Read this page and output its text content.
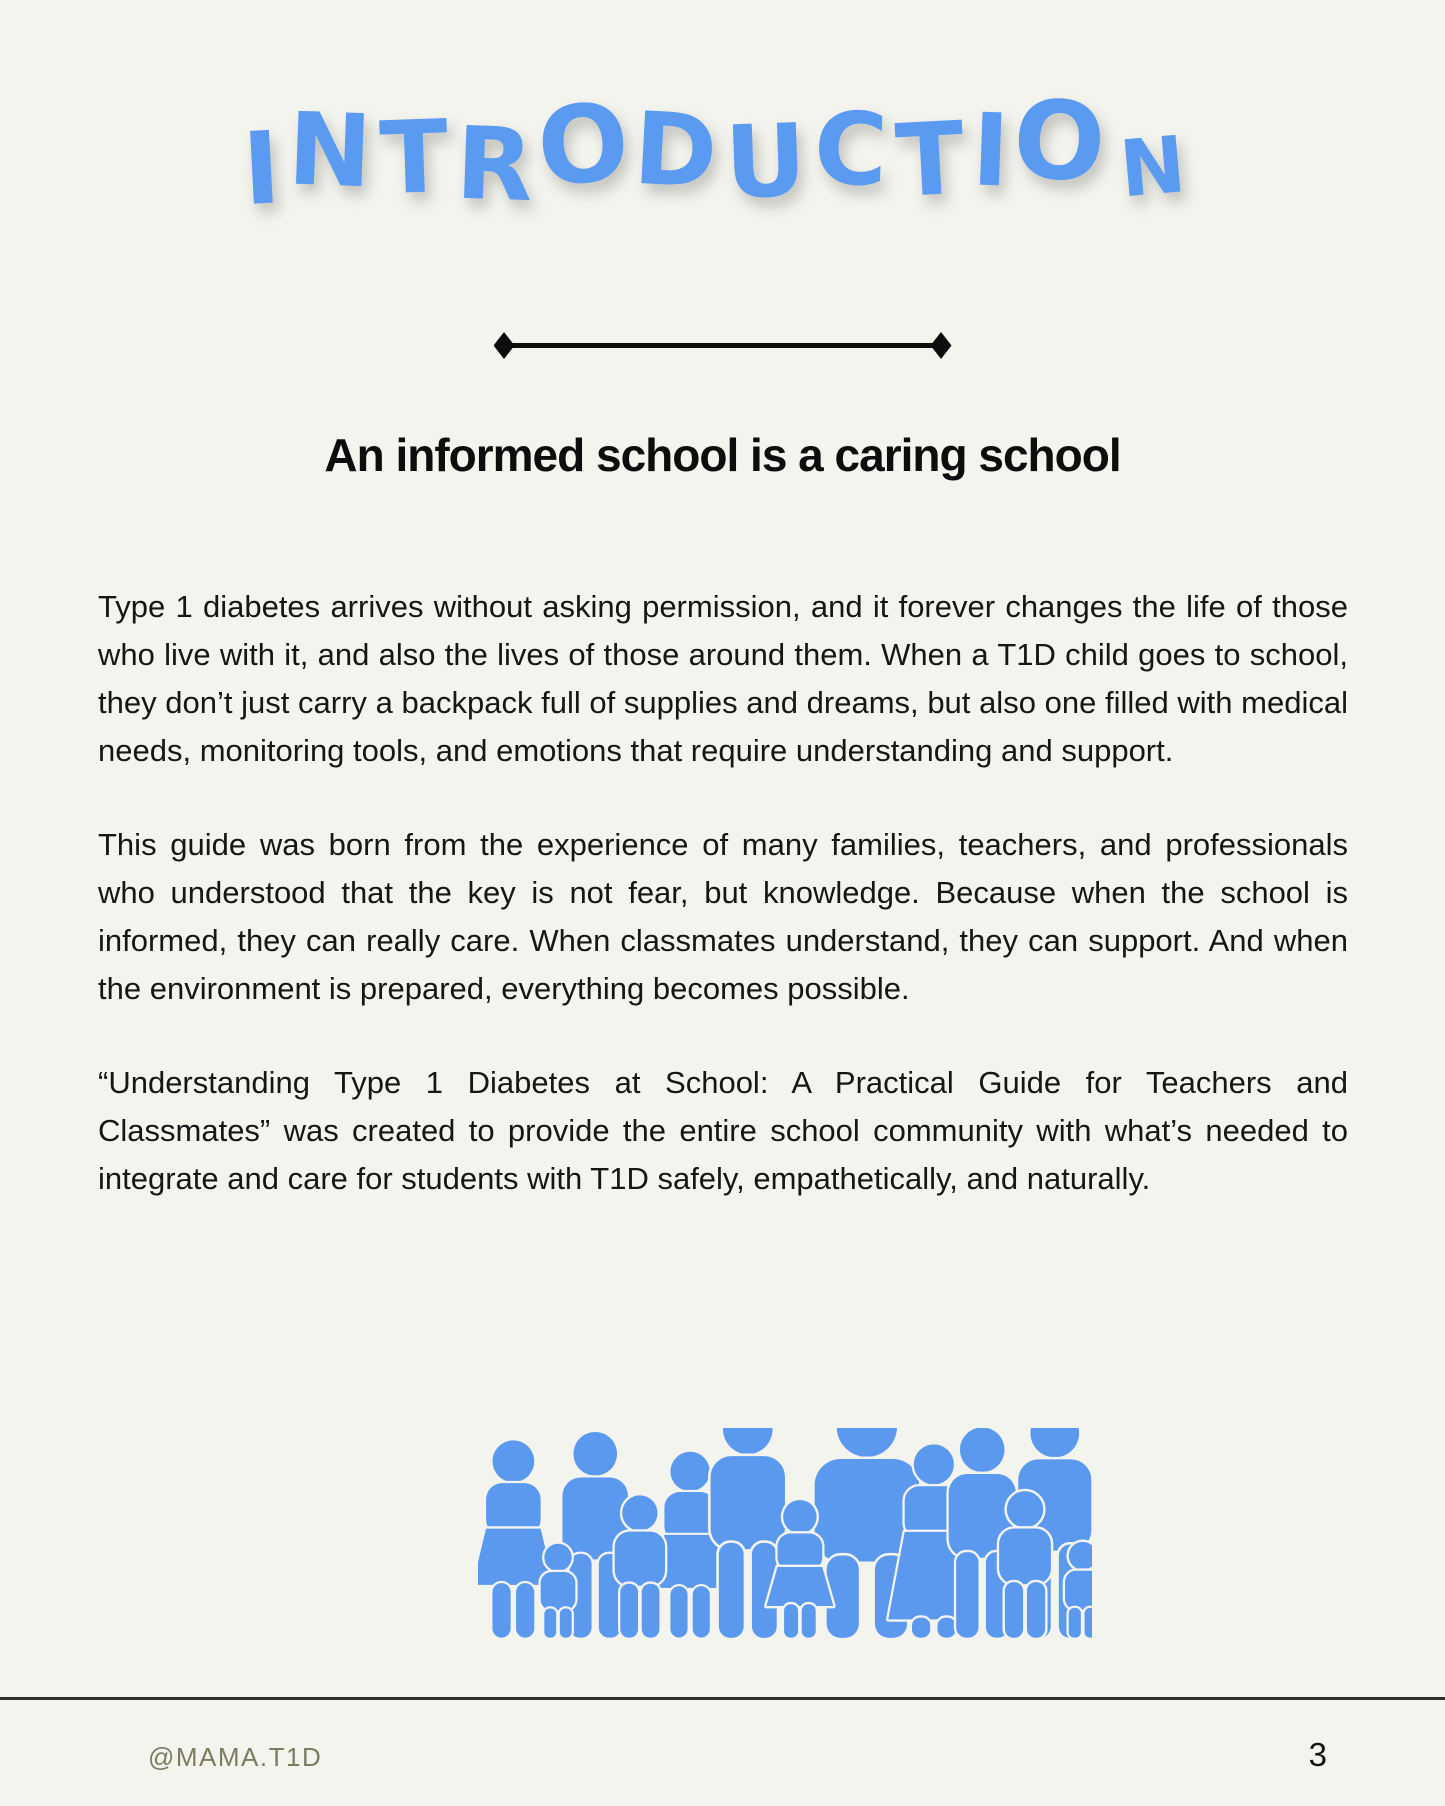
INTRODUCTION
An informed school is a caring school

Type 1 diabetes arrives without asking permission, and it forever changes the life of those who live with it, and also the lives of those around them. When a T1D child goes to school, they don’t just carry a backpack full of supplies and dreams, but also one filled with medical needs, monitoring tools, and emotions that require understanding and support.

This guide was born from the experience of many families, teachers, and professionals who understood that the key is not fear, but knowledge. Because when the school is informed, they can really care. When classmates understand, they can support. And when the environment is prepared, everything becomes possible.

“Understanding Type 1 Diabetes at School: A Practical Guide for Teachers and Classmates” was created to provide the entire school community with what’s needed to integrate and care for students with T1D safely, empathetically, and naturally.

@MAMA.T1D	3
